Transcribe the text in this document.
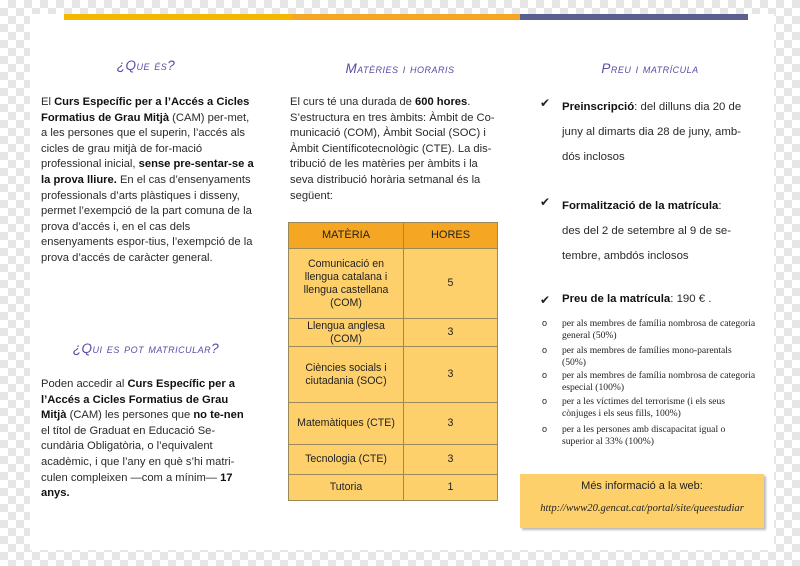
¿Que és?
El Curs Específic per a l’Accés a Cicles Formatius de Grau Mitjà (CAM) per-met, a les persones que el superin, l’accés als cicles de grau mitjà de for-mació professional inicial, sense pre-sentar-se a la prova lliure. En el cas d’ensenyaments professionals d’arts plàstiques i disseny, permet l’exempció de la part comuna de la prova d’accés i, en el cas dels ensenyaments espor-tius, l’exempció de la prova d’accés de caràcter general.
¿Qui es pot matricular?
Poden accedir al Curs Específic per a l’Accés a Cicles Formatius de Grau Mitjà (CAM) les persones que no te-nen el títol de Graduat en Educació Se-cundària Obligatòria, o l’equivalent acadèmic, i que l’any en què s’hi matri-culen compleixen —com a mínim— 17 anys.
Matèries i horaris
El curs té una durada de 600 hores. S’estructura en tres àmbits: Àmbit de Co-municació (COM), Àmbit Social (SOC) i Àmbit Científicotecnològic (CTE). La dis-tribució de les matèries per àmbits i la seva distribució horària setmanal és la següent:
MATÈRIA	HORES
Comunicació en llengua catalana i llengua castellana (COM)	5
Llengua anglesa (COM)	3
Ciències socials i ciutadania (SOC)	3
Matemàtiques (CTE)	3
Tecnologia (CTE)	3
Tutoria	1
Preu i matrícula
✔ Preinscripció: del dilluns dia 20 de juny al dimarts dia 28 de juny, amb-dós inclosos
✔ Formalització de la matrícula:
des del 2 de setembre al 9 de se-tembre, ambdós inclosos
✔ Preu de la matrícula: 190 € .
o per als membres de família nombrosa de categoria general (50%)
o per als membres de famílies mono-parentals (50%)
o per als membres de família nombrosa de categoria especial (100%)
o per a les víctimes del terrorisme (i els seus cònjuges i els seus fills, 100%)
o per a les persones amb discapacitat igual o superior al 33% (100%)
Més informació a la web:
http://www20.gencat.cat/portal/site/queestudiar
